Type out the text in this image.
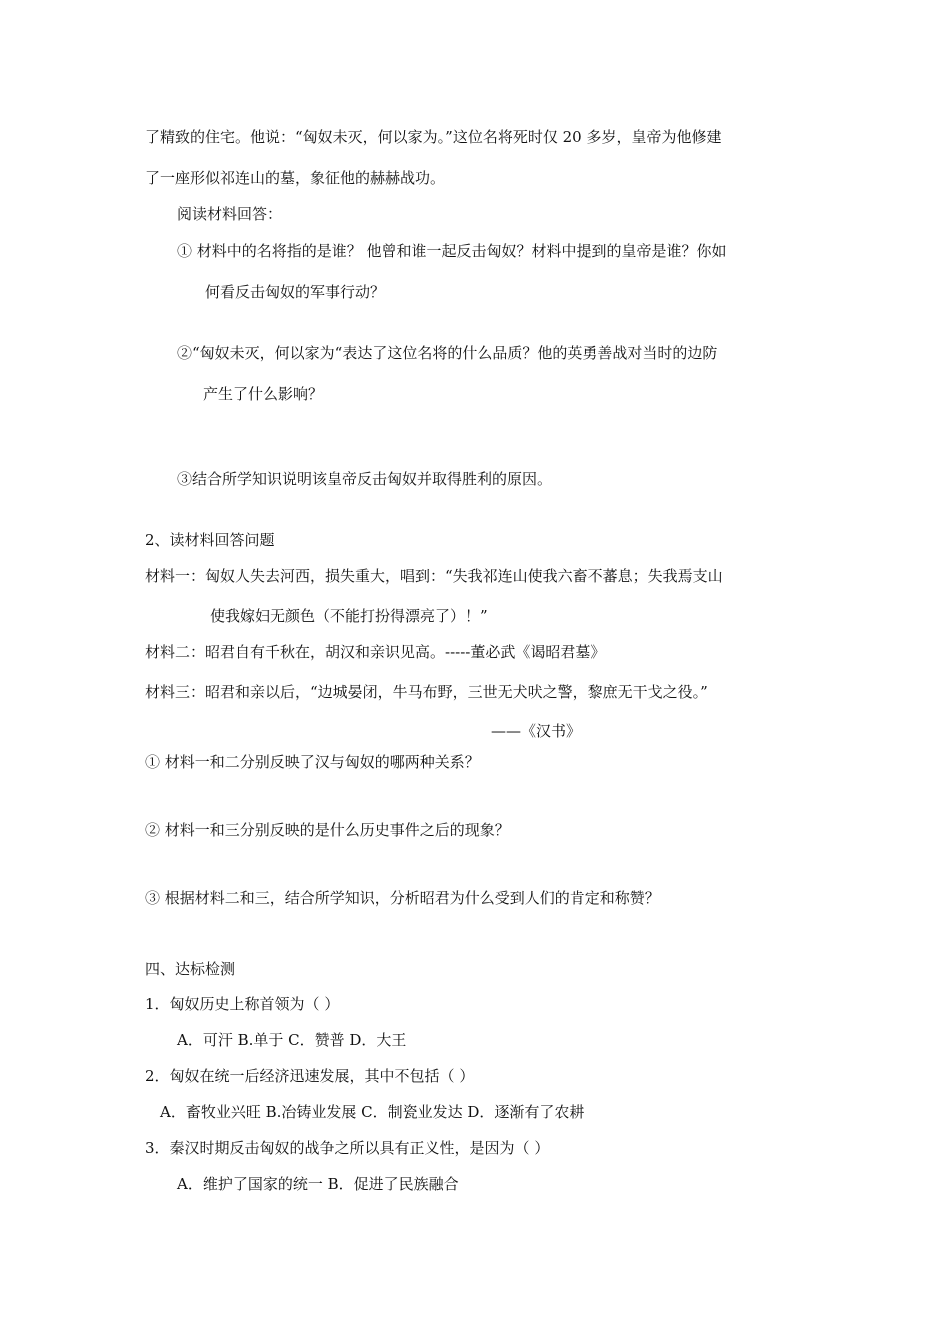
了精致的住宅。他说：“匈奴未灭，何以家为。”这位名将死时仅 20 多岁，皇帝为他修建
了一座形似祁连山的墓，象征他的赫赫战功。
阅读材料回答：
① 材料中的名将指的是谁？ 他曾和谁一起反击匈奴？材料中提到的皇帝是谁？你如
何看反击匈奴的军事行动？
②“匈奴未灭，何以家为“表达了这位名将的什么品质？他的英勇善战对当时的边防
产生了什么影响？
③结合所学知识说明该皇帝反击匈奴并取得胜利的原因。
2、读材料回答问题
材料一：匈奴人失去河西，损失重大，唱到：“失我祁连山使我六畜不蕃息；失我焉支山
使我嫁妇无颜色（不能打扮得漂亮了）！”
材料二：昭君自有千秋在，胡汉和亲识见高。-----董必武《谒昭君墓》
材料三：昭君和亲以后，“边城晏闭，牛马布野，三世无犬吠之警，黎庶无干戈之役。”
——《汉书》
① 材料一和二分别反映了汉与匈奴的哪两种关系？
② 材料一和三分别反映的是什么历史事件之后的现象？
③ 根据材料二和三，结合所学知识，分析昭君为什么受到人们的肯定和称赞？
四、达标检测
1．匈奴历史上称首领为（ ）
A．可汗 B.单于 C．赞普 D．大王
2．匈奴在统一后经济迅速发展，其中不包括（ ）
A．畜牧业兴旺 B.冶铸业发展 C．制瓷业发达 D．逐渐有了农耕
3．秦汉时期反击匈奴的战争之所以具有正义性，是因为（ ）
A．维护了国家的统一 B．促进了民族融合
